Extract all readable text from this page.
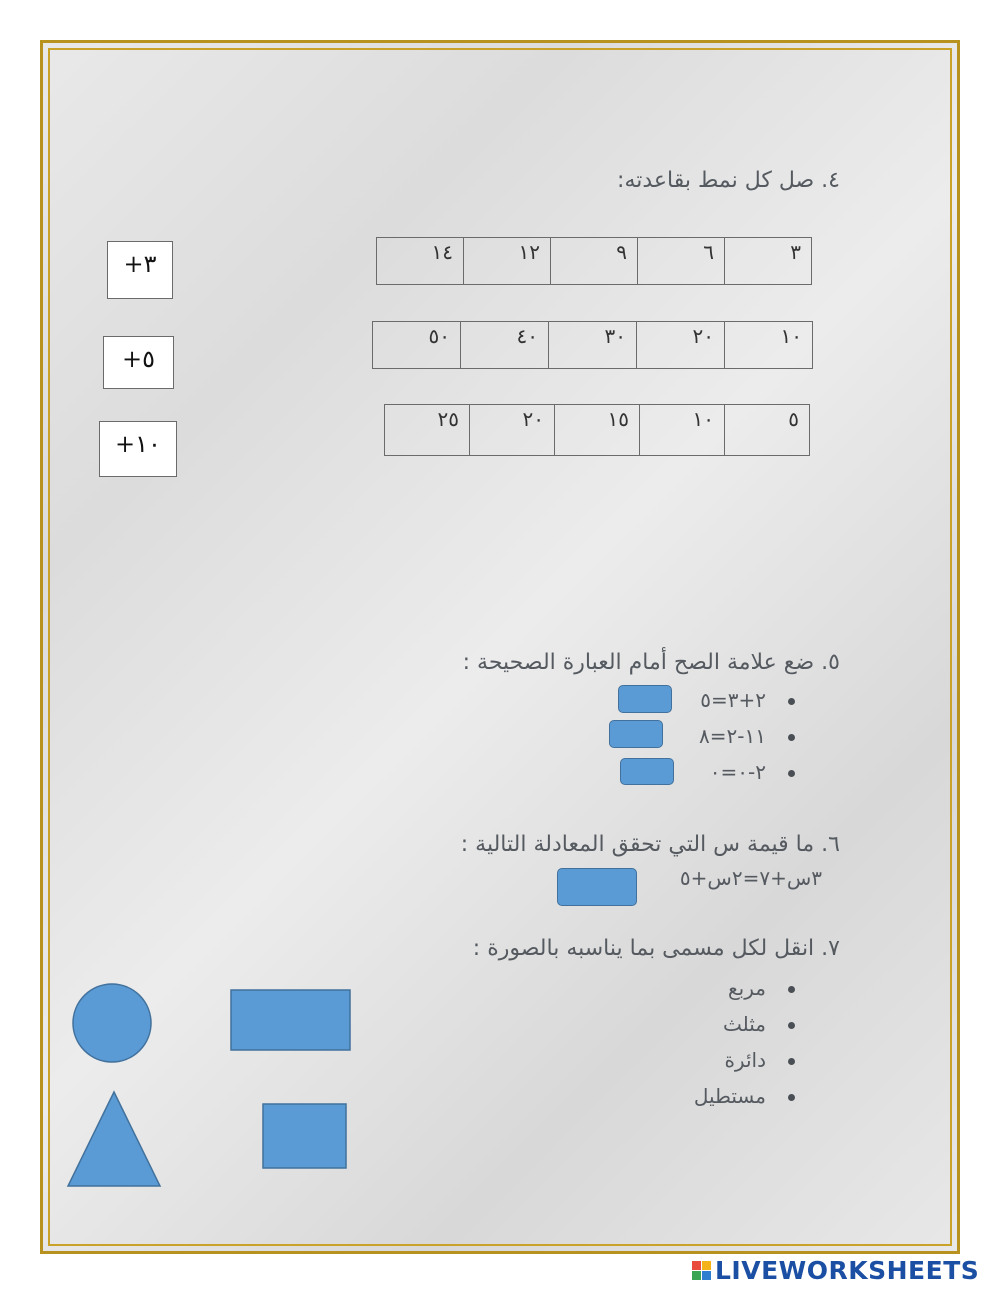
٤. صل كل نمط بقاعدته:
١٤	١٢	٩	٦	٣
٥٠	٤٠	٣٠	٢٠	١٠
٢٥	٢٠	١٥	١٠	٥
٣+
٥+
١٠+
٥. ضع علامة الصح أمام العبارة الصحيحة :
٢+٣=٥
١١-٢=٨
٢-٠=٠
٦. ما قيمة س التي تحقق المعادلة التالية :
٣س+٧=٢س+٥
٧. انقل لكل مسمى بما يناسبه بالصورة :
مربع
مثلث
دائرة
مستطيل
LIVEWORKSHEETS
